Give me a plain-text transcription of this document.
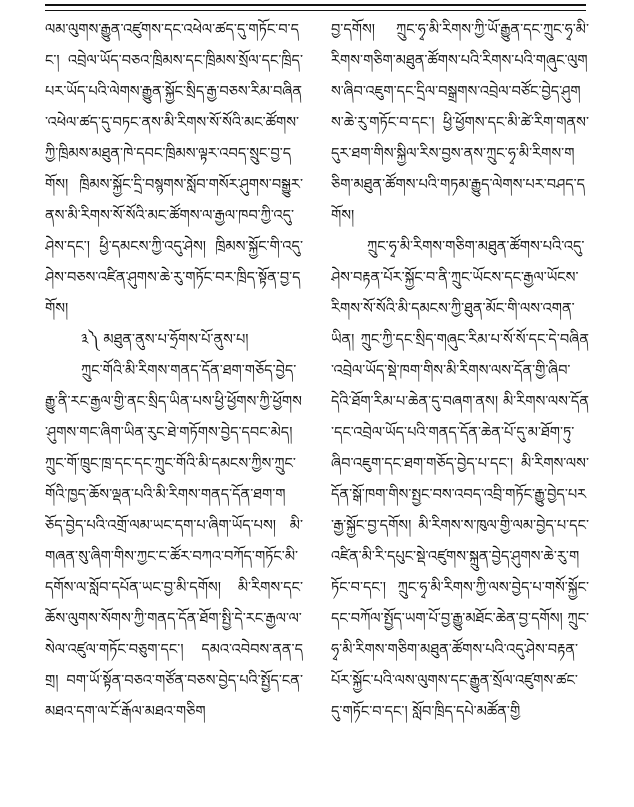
ལམ་ལུགས་རྒྱུན་འཛུགས་དང་འཕེལ་ཚད་དུ་གཏོང་བ་དང་། འབྲེལ་ཡོད་བཅའ་ཁྲིམས་དང་ཁྲིམས་སྲོལ་དང་ཁྲིད་པར་ཡོད་པའི་ལེགས་རྒྱུན་སྐྱོང་སྲིད་རྒྱ་བཅས་རིམ་བཞིན་འཕེལ་ཚད་དུ་བཏང་ནས་མི་རིགས་སོ་སོའི་མང་ཚོགས་ཀྱི་ཁྲིམས་མཐུན་ཁེ་དབང་ཁྲིམས་ལྟར་འབད་སྲུང་བྱ་དགོས། ཁྲིམས་སྐྱོང་དྲི་བསྙགས་སློབ་གསོར་ཤུགས་བསྒྱུར་ནས་མི་རིགས་སོ་སོའི་མང་ཚོགས་ལ་རྒྱལ་ཁབ་ཀྱི་འདུ་ཤེས་དང་། ཕྱི་དམངས་ཀྱི་འདུ་ཤེས། ཁྲིམས་སྐྱོང་གི་འདུ་ཤེས་བཅས་འཛིན་ཤུགས་ཆེ་རུ་གཏོང་བར་ཁྲིད་སྟོན་བྱ་དགོས།

༣༽ མཐུན་ནུས་པ་ཧྲོགས་པོ་ནུས་པ།

ཀྲུང་གོའི་མི་རིགས་གནད་དོན་ཐག་གཅོད་བྱེད་རྒྱུ་ནི་རང་རྒྱལ་གྱི་ནང་སྲིད་ཡིན་པས་ཕྱི་ཕྱོགས་ཀྱི་ཕྱོགས་ཤུགས་གང་ཞིག་ཡིན་རུང་ཐེ་གཏོགས་བྱེད་དབང་མེད། ཀྲུང་གོ་ཁྲུང་ཁྲ་དང་དང་ཀྲུང་གོའི་མི་དམངས་ཀྱིས་ཀྲུང་གོའི་ཁྱད་ཆོས་ལྡན་པའི་མི་རིགས་གནད་དོན་ཐག་གཅོད་བྱེད་པའི་འགྲོ་ལམ་ཡང་དག་པ་ཞིག་ཡོད་པས། མི་གཞན་སུ་ཞིག་གིས་ཀྱང་ང་ཚོར་བཀའ་བཀོད་གཏོང་མི་དགོས་ལ་སློབ་དཔོན་ཡང་བྱ་མི་དགོས། མི་རིགས་དང་ཆོས་ལུགས་སོགས་ཀྱི་གནད་དོན་ཐོག་སྤྱི་དེ་རང་རྒྱལ་ལ་སེལ་འཛུལ་གཏོང་བཅུག་དང་། དམའ་འབེབས་ནན་དགྲ། བག་ཡོ་སྟོན་བཅའ་གཙོན་བཅས་བྱེད་པའི་སྤྱོད་ངན་མཐའ་དག་ལ་ངོ་རྒོལ་མཐའ་གཅིག

བྱ་དགོས། ཀྲུང་ཧྭ་མི་རིགས་ཀྱི་ཡོ་རྒྱུན་དང་ཀྲུང་ཧྭ་མི་རིགས་གཅིག་མཐུན་ཚོགས་པའི་རིགས་པའི་གཞུང་ལུགས་ཞིབ་འཇུག་དང་དྲིལ་བསྒྲགས་འབྲེལ་བཙོང་བྱེད་ཤུགས་ཆེ་རུ་གཏོང་བ་དང་། ཕྱི་ཕྱོགས་དང་མི་ཚེ་རིག་གནས་དུར་ཐག་གིས་སྐྱིལ་རིས་བྱས་ནས་ཀྲུང་ཧྭ་མི་རིགས་གཅིག་མཐུན་ཚོགས་པའི་གཏམ་རྒྱུད་ལེགས་པར་བཤད་དགོས།

ཀྲུང་ཧྭ་མི་རིགས་གཅིག་མཐུན་ཚོགས་པའི་འདུ་ཤེས་བརྟན་པོར་སྐྱོང་བ་ནི་ཀྲུང་ཡོངས་དང་རྒྱལ་ཡོངས་རིགས་སོ་སོའི་མི་དམངས་ཀྱི་ཐུན་མོང་གི་ལས་འགན་ཡིན། ཀྲུང་ཀྱི་དང་སྲིད་གཞུང་རིམ་པ་སོ་སོ་དང་དེ་བཞིན་འབྲེལ་ཡོད་སྡེ་ཁག་གིས་མི་རིགས་ལས་དོན་གྱི་ཞིབ་དེའི་ཐོག་རིམ་པ་ཆེན་དུ་བཞག་ནས། མི་རིགས་ལས་དོན་དང་འབྲེལ་ཡོད་པའི་གནད་དོན་ཆེན་པོ་དུ་མ་ཐོག་ཏུ་ཞིབ་འཇུག་དང་ཐག་གཅོད་བྱེད་པ་དང་། མི་རིགས་ལས་དོན་སྒོ་ཁག་གིས་སྤྱང་བས་འབད་འབྲི་གཏོང་རྒྱུ་བྱེད་པར་རྒྱ་སྐྱོང་བྱ་དགོས། མི་རིགས་ས་ཁུལ་གྱི་ལམ་བྱེད་པ་དང་འཛིན་མི་རི་དཔུང་སྡེ་འཛུགས་སྐྲུན་བྱེད་ཤུགས་ཆེ་རུ་གཏོང་བ་དང་། ཀྲུང་ཧྭ་མི་རིགས་ཀྱི་ལས་བྱེད་པ་གསོ་སྐྱོང་དང་བཀོལ་སྤྱོད་ཡག་པོ་བྱ་རྒྱུ་མཐོང་ཆེན་བྱ་དགོས། ཀྲུང་ཧྭ་མི་རིགས་གཅིག་མཐུན་ཚོགས་པའི་འདུ་ཤེས་བརྟན་པོར་སྐྱོང་པའི་ལས་ལུགས་དང་རྒྱུན་སྲོལ་འཛུགས་ཚང་དུ་གཏོང་བ་དང་། སློབ་ཁྲིད་དཔེ་མཚོན་གྱི
